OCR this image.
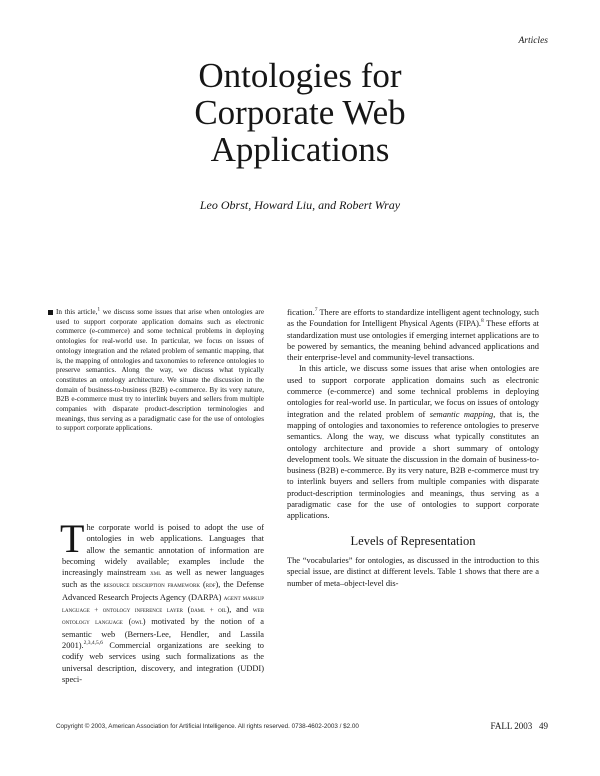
Articles
Ontologies for
Corporate Web
Applications
Leo Obrst, Howard Liu, and Robert Wray
In this article,$^1$ we discuss some issues that arise when ontologies are used to support corporate application domains such as electronic commerce (e-commerce) and some technical problems in deploying ontologies for real-world use. In particular, we focus on issues of ontology integration and the related problem of semantic mapping, that is, the mapping of ontologies and taxonomies to reference ontologies to preserve semantics. Along the way, we discuss what typically constitutes an ontology architecture. We situate the discussion in the domain of business-to-business (B2B) e-commerce. By its very nature, B2B e-commerce must try to interlink buyers and sellers from multiple companies with disparate product-description terminologies and meanings, thus serving as a paradigmatic case for the use of ontologies to support corporate applications.
The corporate world is poised to adopt the use of ontologies in web applications. Languages that allow the semantic annotation of information are becoming widely available; examples include the increasingly mainstream xml as well as newer languages such as the resource description framework (rdf), the Defense Advanced Research Projects Agency (DARPA) agent markup language + ontology inference layer (daml + oil), and web ontology language (owl) motivated by the notion of a semantic web (Berners-Lee, Hendler, and Lassila 2001).$^{2,3,4,5,6}$ Commercial organizations are seeking to codify web services using such formalizations as the universal description, discovery, and integration (UDDI) speci-

fication.$^7$ There are efforts to standardize intelligent agent technology, such as the Foundation for Intelligent Physical Agents (FIPA).$^8$ These efforts at standardization must use ontologies if emerging internet applications are to be powered by semantics, the meaning behind advanced applications and their enterprise-level and community-level transactions.

In this article, we discuss some issues that arise when ontologies are used to support corporate application domains such as electronic commerce (e-commerce) and some technical problems in deploying ontologies for real-world use. In particular, we focus on issues of ontology integration and the related problem of semantic mapping, that is, the mapping of ontologies and taxonomies to reference ontologies to preserve semantics. Along the way, we discuss what typically constitutes an ontology architecture and provide a short summary of ontology development tools. We situate the discussion in the domain of business-to-business (B2B) e-commerce. By its very nature, B2B e-commerce must try to interlink buyers and sellers from multiple companies with disparate product-description terminologies and meanings, thus serving as a paradigmatic case for the use of ontologies to support corporate applications.

Levels of Representation

The “vocabularies” for ontologies, as discussed in the introduction to this special issue, are distinct at different levels. Table 1 shows that there are a number of meta–object-level dis-

Copyright © 2003, American Association for Artificial Intelligence. All rights reserved. 0738-4602-2003 / $2.00	FALL 2003 49
